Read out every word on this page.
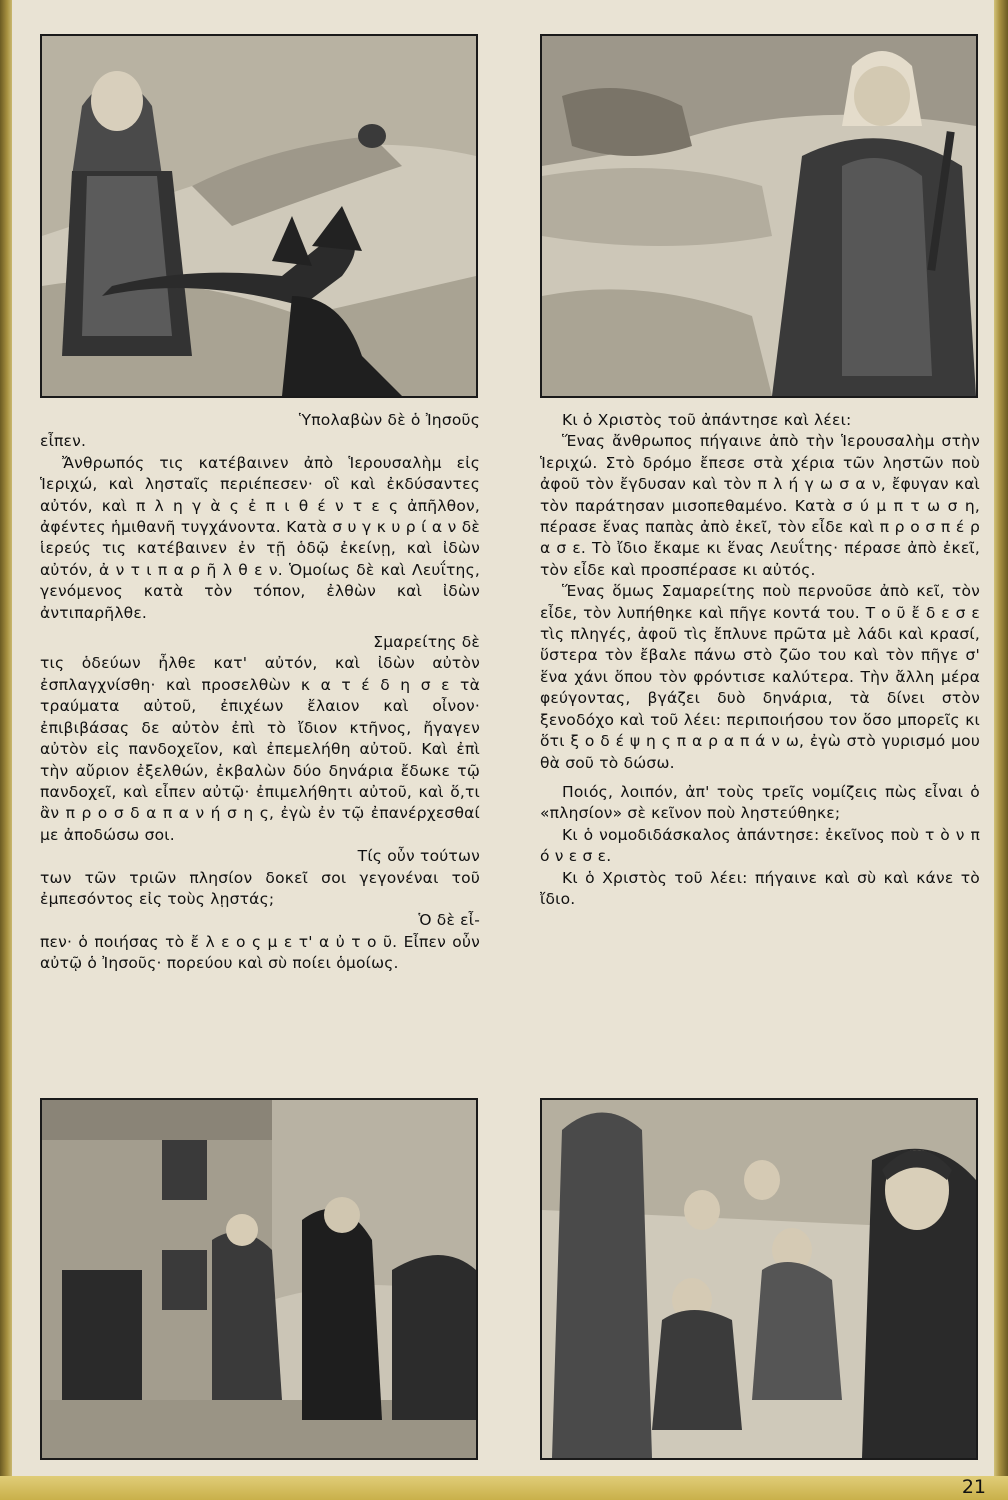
Ὑπολαβὼν δὲ ὁ Ἰησοῦς
εἶπεν.

Ἄνθρωπός τις κατέβαινεν ἀπὸ Ἱερουσαλὴμ εἰς Ἱεριχώ, καὶ λησταῖς περιέπεσεν· οἳ καὶ ἐκδύσαντες αὐτόν, καὶ π λ η γ ὰ ς ἐ π ι θ έ ν τ ε ς ἀπῆλθον, ἀφέντες ἡμιθανῆ τυγχάνοντα. Κατὰ σ υ γ κ υ ρ ί α ν δὲ ἱερεύς τις κατέβαινεν ἐν τῇ ὁδῷ ἐκείνῃ, καὶ ἰδὼν αὐτόν, ἀ ν τ ι π α ρ ῆ λ θ ε ν. Ὁμοίως δὲ καὶ Λευΐτης, γενόμενος κατὰ τὸν τόπον, ἐλθὼν καὶ ἰδὼν ἀντιπαρῆλθε.

Σμαρείτης δὲ
τις ὁδεύων ἦλθε κατ' αὐτόν, καὶ ἰδὼν αὐτὸν ἐσπλαγχνίσθη· καὶ προσελθὼν κ α τ έ δ η σ ε τὰ τραύματα αὐτοῦ, ἐπιχέων ἔλαιον καὶ οἶνον· ἐπιβιβάσας δε αὐτὸν ἐπὶ τὸ ἴδιον κτῆνος, ἤγαγεν αὐτὸν εἰς πανδοχεῖον, καὶ ἐπεμελήθη αὐτοῦ. Καὶ ἐπὶ τὴν αὔριον ἐξελθών, ἐκβαλὼν δύο δηνάρια ἔδωκε τῷ πανδοχεῖ, καὶ εἶπεν αὐτῷ· ἐπιμελήθητι αὐτοῦ, καὶ ὅ,τι ἂν π ρ ο σ δ α π α ν ή σ η ς, ἐγὼ ἐν τῷ ἐπανέρχεσθαί με ἀποδώσω σοι.

Τίς οὖν τούτων
των τῶν τριῶν πλησίον δοκεῖ σοι γεγονέναι τοῦ ἐμπεσόντος εἰς τοὺς λῃστάς;

Ὁ δὲ εἶ-
πεν· ὁ ποιήσας τὸ ἔ λ ε ο ς μ ε τ' α ὐ τ ο ῦ. Εἶπεν οὖν αὐτῷ ὁ Ἰησοῦς· πορεύου καὶ σὺ ποίει ὁμοίως.

Κι ὁ Χριστὸς τοῦ ἀπάντησε καὶ λέει:

Ἕνας ἄνθρωπος πήγαινε ἀπὸ τὴν Ἱερουσαλὴμ στὴν Ἱεριχώ. Στὸ δρόμο ἔπεσε στὰ χέρια τῶν ληστῶν ποὺ ἀφοῦ τὸν ἔγδυσαν καὶ τὸν π λ ή γ ω σ α ν, ἔφυγαν καὶ τὸν παράτησαν μισοπεθαμένο. Κατὰ σ ύ μ π τ ω σ η, πέρασε ἕνας παπὰς ἀπὸ ἐκεῖ, τὸν εἶδε καὶ π ρ ο σ π έ ρ α σ ε. Τὸ ἴδιο ἔκαμε κι ἕνας Λευΐτης· πέρασε ἀπὸ ἐκεῖ, τὸν εἶδε καὶ προσπέρασε κι αὐτός.

Ἕνας ὅμως Σαμαρείτης ποὺ περνοῦσε ἀπὸ κεῖ, τὸν εἶδε, τὸν λυπήθηκε καὶ πῆγε κοντά του. Τ ο ῦ ἔ δ ε σ ε τὶς πληγές, ἀφοῦ τὶς ἔπλυνε πρῶτα μὲ λάδι καὶ κρασί, ὕστερα τὸν ἔβαλε πάνω στὸ ζῶο του καὶ τὸν πῆγε σ' ἕνα χάνι ὅπου τὸν φρόντισε καλύτερα. Τὴν ἄλλη μέρα φεύγοντας, βγάζει δυὸ δηνάρια, τὰ δίνει στὸν ξενοδόχο καὶ τοῦ λέει: περιποιήσου τον ὅσο μπορεῖς κι ὅτι ξ ο δ έ ψ η ς π α ρ α π ά ν ω, ἐγὼ στὸ γυρισμό μου θὰ σοῦ τὸ δώσω.

Ποιός, λοιπόν, ἀπ' τοὺς τρεῖς νομίζεις πὼς εἶναι ὁ «πλησίον» σὲ κεῖνον ποὺ ληστεύθηκε;

Κι ὁ νομοδιδάσκαλος ἀπάντησε: ἐκεῖνος ποὺ τ ὸ ν π ό ν ε σ ε.

Κι ὁ Χριστὸς τοῦ λέει: πήγαινε καὶ σὺ καὶ κάνε τὸ ἴδιο.

21
